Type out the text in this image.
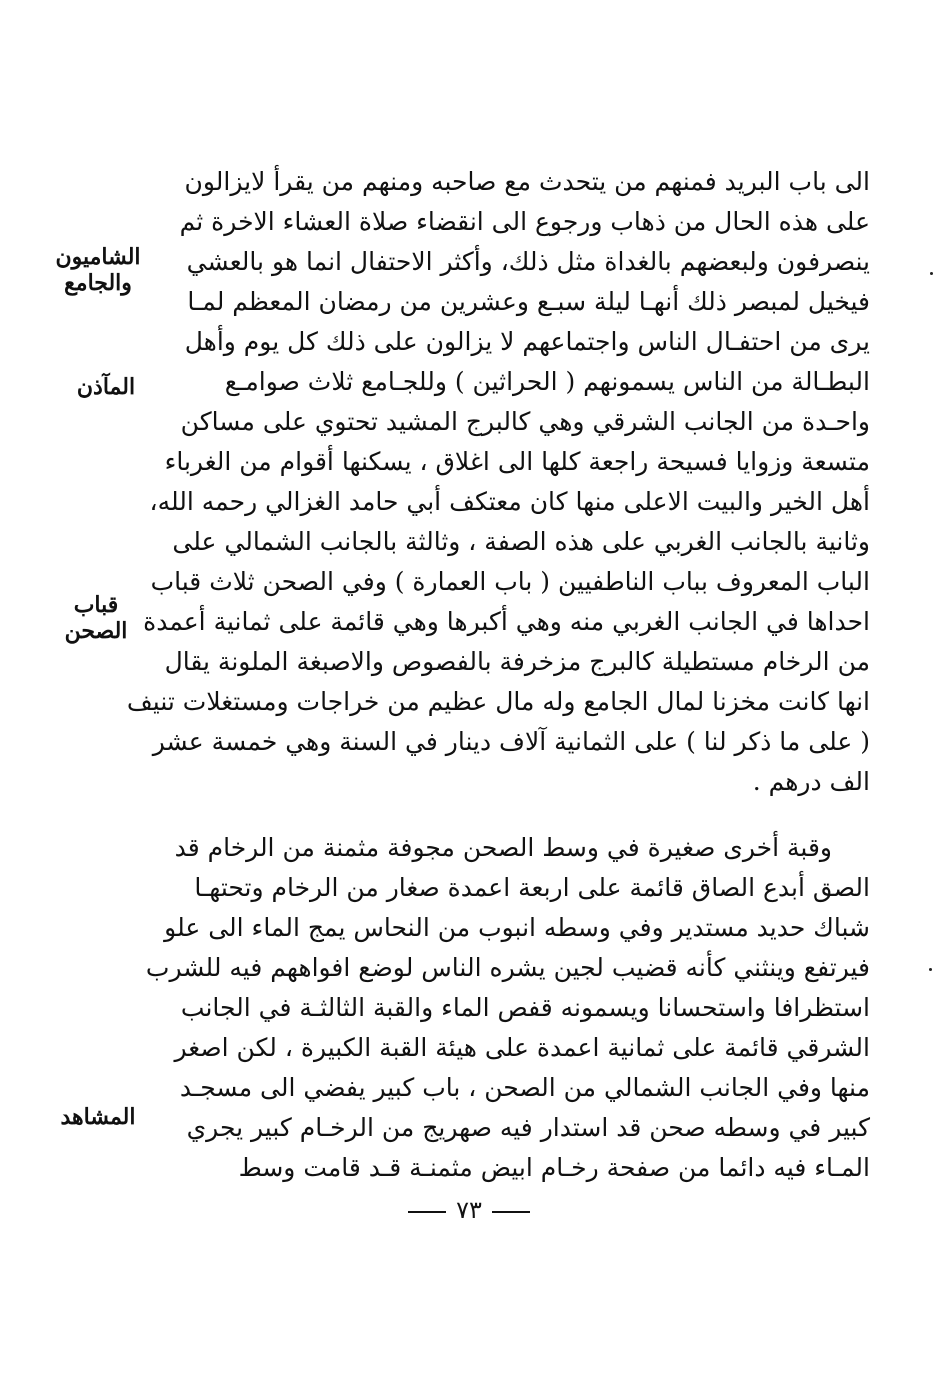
الى باب البريد فمنهم من يتحدث مع صاحبه ومنهم من يقرأ لايزالون
على هذه الحال من ذهاب ورجوع الى انقضاء صلاة العشاء الاخرة ثم
ينصرفون ولبعضهم بالغداة مثل ذلك، وأكثر الاحتفال انما هو بالعشي
فيخيل لمبصر ذلك أنهـا ليلة سبـع وعشرين من رمضان المعظم لمـا
يرى من احتفـال الناس واجتماعهم لا يزالون على ذلك كل يوم وأهل
البطـالة من الناس يسمونهم ( الحراثين ) وللجـامع ثلاث صوامـع
واحـدة من الجانب الشرقي وهي كالبرج المشيد تحتوي على مساكن
متسعة وزوايا فسيحة راجعة كلها الى اغلاق ، يسكنها أقوام من الغرباء
أهل الخير والبيت الاعلى منها كان معتكف أبي حامد الغزالي رحمه الله،
وثانية بالجانب الغربي على هذه الصفة ، وثالثة بالجانب الشمالي على
الباب المعروف بباب الناطفيين ( باب العمارة ) وفي الصحن ثلاث قباب
احداها في الجانب الغربي منه وهي أكبرها وهي قائمة على ثمانية أعمدة
من الرخام مستطيلة كالبرج مزخرفة بالفصوص والاصبغة الملونة يقال
انها كانت مخزنا لمال الجامع وله مال عظيم من خراجات ومستغلات تنيف
( على ما ذكر لنا ) على الثمانية آلاف دينار في السنة وهي خمسة عشر
الف درهم .
وقبة أخرى صغيرة في وسط الصحن مجوفة مثمنة من الرخام قد
الصق أبدع الصاق قائمة على اربعة اعمدة صغار من الرخام وتحتهـا
شباك حديد مستدير وفي وسطه انبوب من النحاس يمج الماء الى علو
فيرتفع وينثني كأنه قضيب لجين يشره الناس لوضع افواههم فيه للشرب
استظرافا واستحسانا ويسمونه قفص الماء والقبة الثالثـة في الجانب
الشرقي قائمة على ثمانية اعمدة على هيئة القبة الكبيرة ، لكن اصغر
منها وفي الجانب الشمالي من الصحن ، باب كبير يفضي الى مسجـد
كبير في وسطه صحن قد استدار فيه صهريج من الرخـام كبير يجري
المـاء فيه دائما من صفحة رخـام ابيض مثمنـة قـد قامت وسط
الشاميون
والجامع
المآذن
قباب
الصحن
المشاهد
٧٣
